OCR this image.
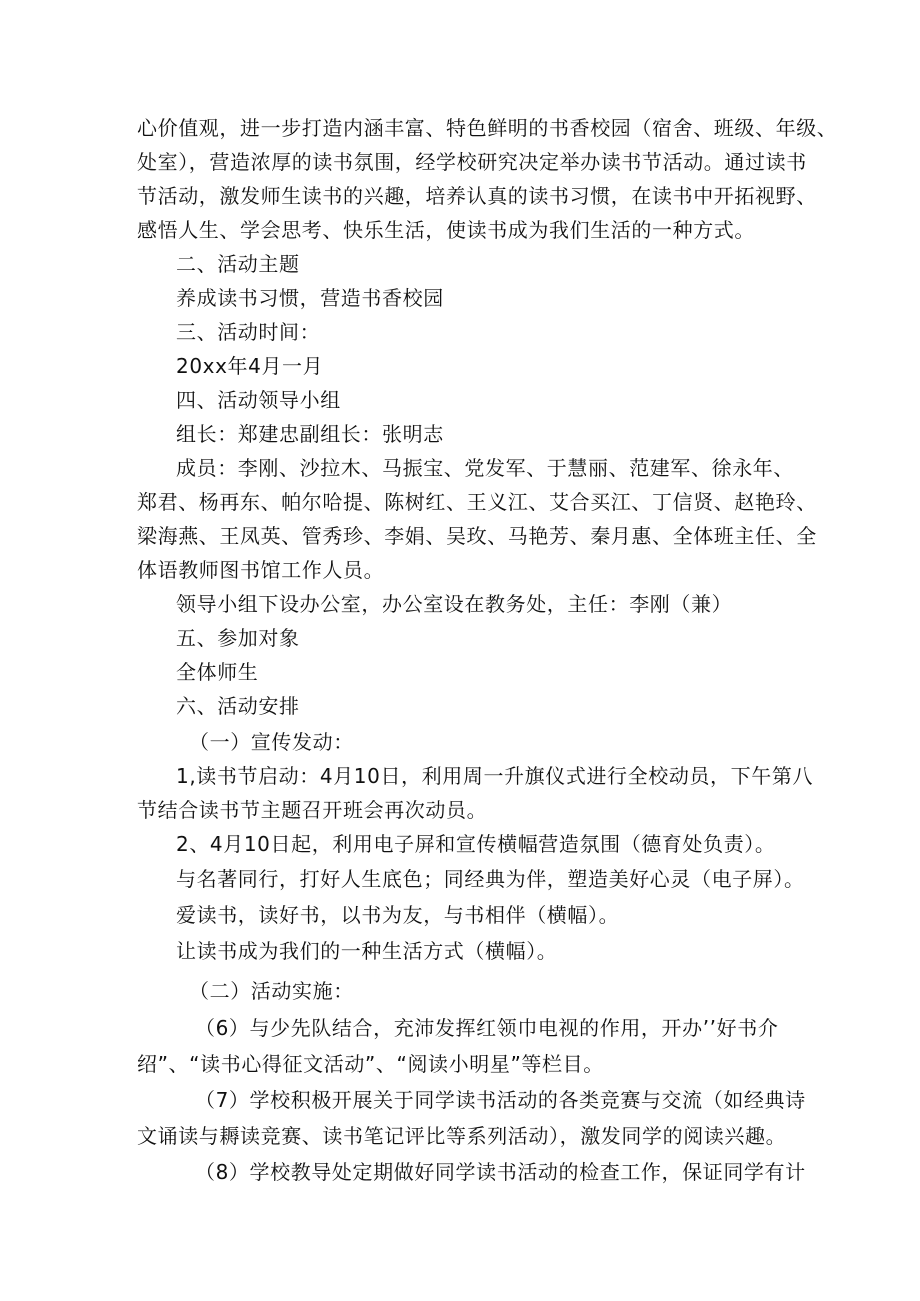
心价值观，进一步打造内涵丰富、特色鲜明的书香校园（宿舍、班级、年级、
处室），营造浓厚的读书氛围，经学校研究决定举办读书节活动。通过读书
节活动，激发师生读书的兴趣，培养认真的读书习惯，在读书中开拓视野、
感悟人生、学会思考、快乐生活，使读书成为我们生活的一种方式。
二、活动主题
养成读书习惯，营造书香校园
三、活动时间：
20xx年4月一月
四、活动领导小组
组长：郑建忠副组长：张明志
成员：李刚、沙拉木、马振宝、党发军、于慧丽、范建军、徐永年、
郑君、杨再东、帕尔哈提、陈树红、王义江、艾合买江、丁信贤、赵艳玲、
梁海燕、王凤英、管秀珍、李娟、吴玫、马艳芳、秦月惠、全体班主任、全
体语教师图书馆工作人员。
领导小组下设办公室，办公室设在教务处，主任：李刚（兼）
五、参加对象
全体师生
六、活动安排
（一）宣传发动：
1,读书节启动：4月10日，利用周一升旗仪式进行全校动员，下午第八
节结合读书节主题召开班会再次动员。
2、4月10日起，利用电子屏和宣传横幅营造氛围（德育处负责）。
与名著同行，打好人生底色；同经典为伴，塑造美好心灵（电子屏）。
爱读书，读好书，以书为友，与书相伴（横幅）。
让读书成为我们的一种生活方式（横幅）。
（二）活动实施：
（6）与少先队结合，充沛发挥红领巾电视的作用，开办’’好书介
绍”、“读书心得征文活动”、“阅读小明星”等栏目。
（7）学校积极开展关于同学读书活动的各类竞赛与交流（如经典诗
文诵读与耨读竞赛、读书笔记评比等系列活动），激发同学的阅读兴趣。
（8）学校教导处定期做好同学读书活动的检查工作，保证同学有计
